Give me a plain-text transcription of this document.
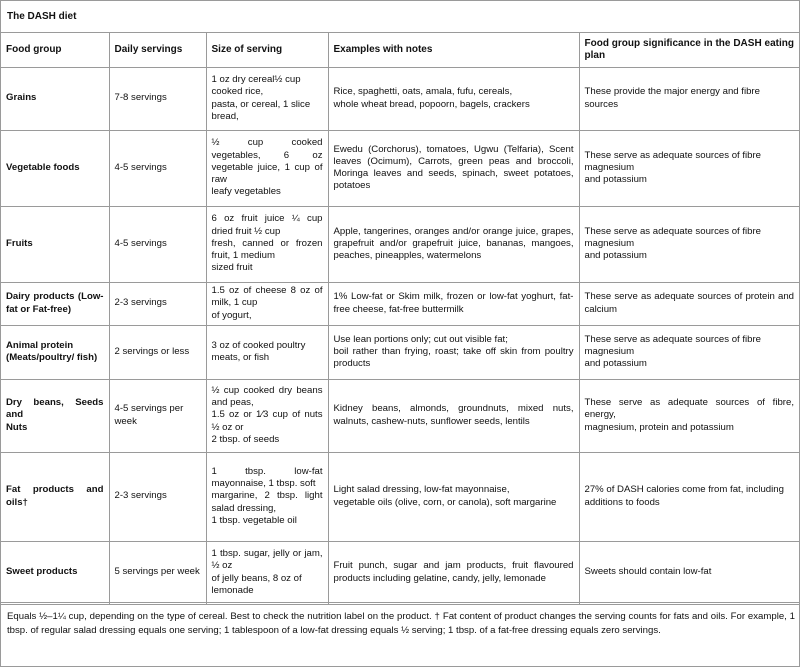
The DASH diet
Food group	Daily servings	Size of serving	Examples with notes	Food group significance in the DASH eating plan
Grains	7-8 servings	1 oz dry cereal½ cup
cooked rice,
pasta, or cereal, 1 slice
bread,	Rice, spaghetti, oats, amala, fufu, cereals,
whole wheat bread, popoorn, bagels, crackers	These provide the major energy and fibre sources
Vegetable foods	4-5 servings	½ cup cooked vegetables, 6 oz vegetable juice, 1 cup of raw
leafy vegetables	Ewedu (Corchorus), tomatoes, Ugwu (Telfaria), Scent leaves (Ocimum), Carrots, green peas and broccoli, Moringa leaves and seeds, spinach, sweet potatoes, potatoes	These serve as adequate sources of fibre magnesium
and potassium
Fruits	4-5 servings	6 oz fruit juice ¼ cup dried fruit ½ cup
fresh, canned or frozen fruit, 1 medium
sized fruit	Apple, tangerines, oranges and/or orange juice, grapes, grapefruit and/or grapefruit juice, bananas, mangoes, peaches, pineapples, watermelons	These serve as adequate sources of fibre magnesium
and potassium
Dairy products (Low-fat or Fat-free)	2-3 servings	1.5 oz of cheese 8 oz of milk, 1 cup
of yogurt,	1% Low-fat or Skim milk, frozen or low-fat yoghurt, fat-free cheese, fat-free buttermilk	These serve as adequate sources of protein and calcium
Animal protein (Meats/poultry/ fish)	2 servings or less	3 oz of cooked poultry meats, or fish	Use lean portions only; cut out visible fat;
boil rather than frying, roast; take off skin from poultry products	These serve as adequate sources of fibre magnesium
and potassium
Dry beans, Seeds and
Nuts	4-5 servings per week	½ cup cooked dry beans and peas,
1.5 oz or 1⁄3 cup of nuts ½ oz or
2 tbsp. of seeds	Kidney beans, almonds, groundnuts, mixed nuts, walnuts, cashew-nuts, sunflower seeds, lentils	These serve as adequate sources of fibre, energy,
magnesium, protein and potassium
Fat products and oils†	2-3 servings	1 tbsp. low-fat mayonnaise, 1 tbsp. soft
margarine, 2 tbsp. light salad dressing,
1 tbsp. vegetable oil	Light salad dressing, low-fat mayonnaise,
vegetable oils (olive, corn, or canola), soft margarine	27% of DASH calories come from fat, including
additions to foods
Sweet products	5 servings per week	1 tbsp. sugar, jelly or jam, ½ oz
of jelly beans, 8 oz of
lemonade	Fruit punch, sugar and jam products, fruit flavoured products including gelatine, candy, jelly, lemonade	Sweets should contain low-fat
Equals ½–1¼ cup, depending on the type of cereal. Best to check the nutrition label on the product. † Fat content of product changes the serving counts for fats and oils. For example, 1 tbsp. of regular salad dressing equals one serving; 1 tablespoon of a low-fat dressing equals ½ serving; 1 tbsp. of a fat-free dressing equals zero servings.
